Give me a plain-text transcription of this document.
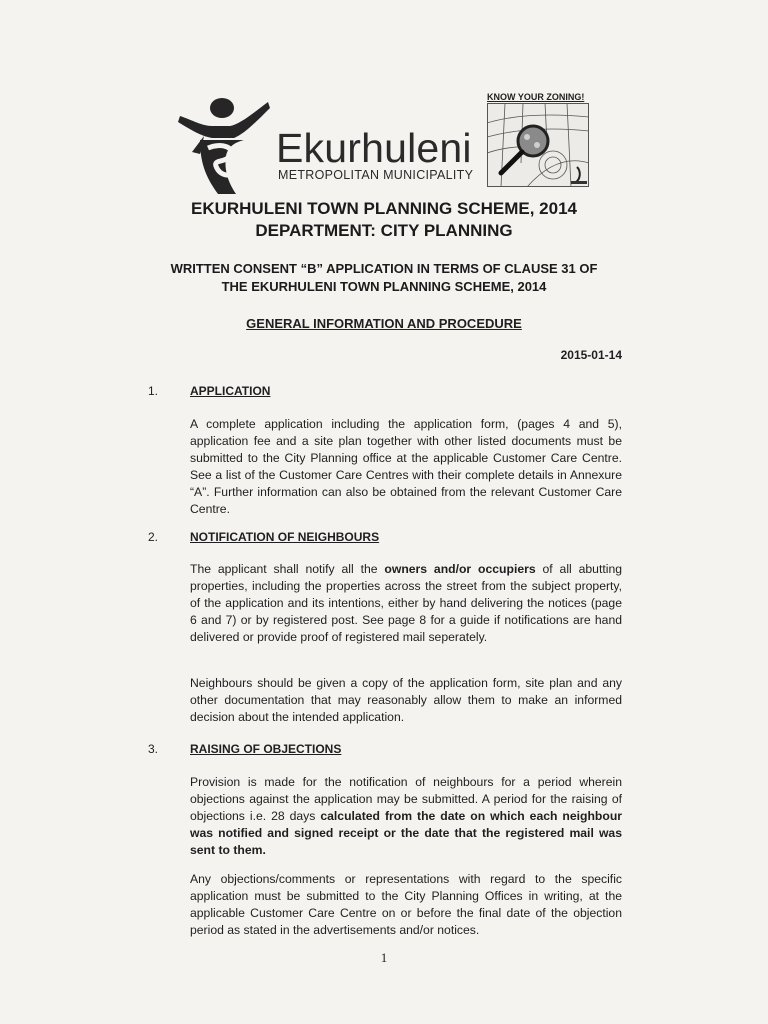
Ekurhuleni
METROPOLITAN MUNICIPALITY
KNOW YOUR ZONING!
EKURHULENI TOWN PLANNING SCHEME, 2014
DEPARTMENT: CITY PLANNING
WRITTEN CONSENT “B” APPLICATION IN TERMS OF CLAUSE 31 OF
THE EKURHULENI TOWN PLANNING SCHEME, 2014
GENERAL INFORMATION AND PROCEDURE
2015-01-14
1.	APPLICATION

A complete application including the application form, (pages 4 and 5), application fee and a site plan together with other listed documents must be submitted to the City Planning office at the applicable Customer Care Centre. See a list of the Customer Care Centres with their complete details in Annexure “A”. Further information can also be obtained from the relevant Customer Care Centre.

2.	NOTIFICATION OF NEIGHBOURS

The applicant shall notify all the owners and/or occupiers of all abutting properties, including the properties across the street from the subject property, of the application and its intentions, either by hand delivering the notices (page 6 and 7) or by registered post. See page 8 for a guide if notifications are hand delivered or provide proof of registered mail seperately.

Neighbours should be given a copy of the application form, site plan and any other documentation that may reasonably allow them to make an informed decision about the intended application.

3.	RAISING OF OBJECTIONS

Provision is made for the notification of neighbours for a period wherein objections against the application may be submitted. A period for the raising of objections i.e. 28 days calculated from the date on which each neighbour was notified and signed receipt or the date that the registered mail was sent to them.

Any objections/comments or representations with regard to the specific application must be submitted to the City Planning Offices in writing, at the applicable Customer Care Centre on or before the final date of the objection period as stated in the advertisements and/or notices.

1
